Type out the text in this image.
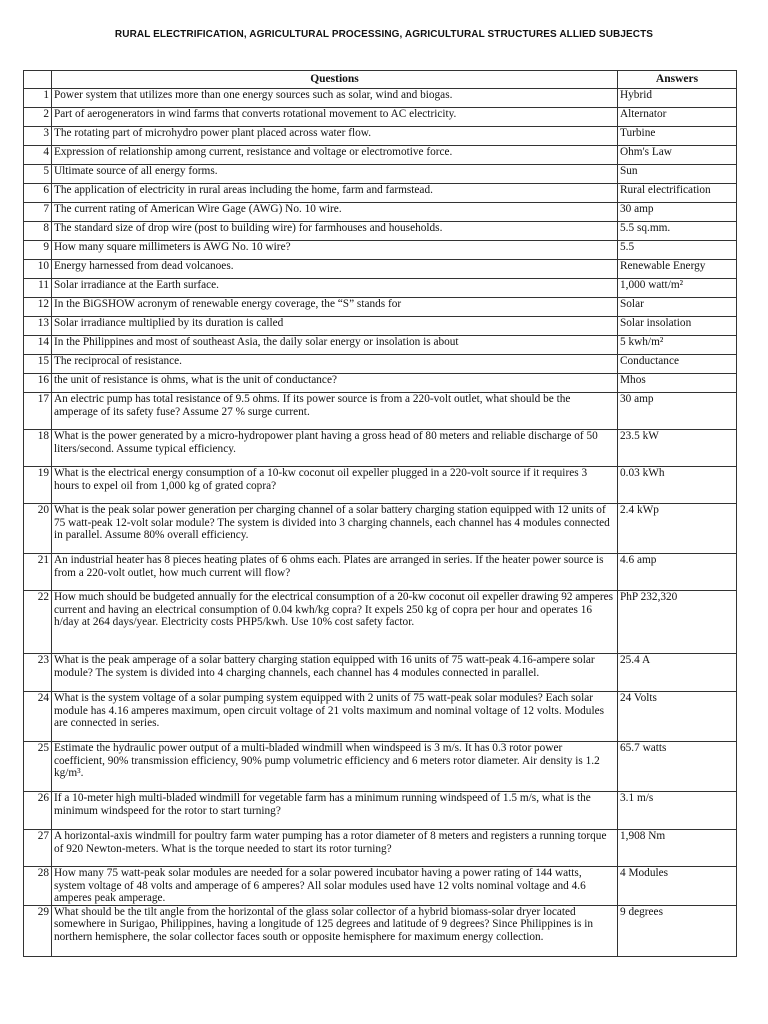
RURAL ELECTRIFICATION, AGRICULTURAL PROCESSING, AGRICULTURAL STRUCTURES ALLIED SUBJECTS
	Questions	Answers
1	Power system that utilizes more than one energy sources such as solar, wind and biogas.	Hybrid
2	Part of aerogenerators in wind farms that converts rotational movement to AC electricity.	Alternator
3	The rotating part of microhydro power plant placed across water flow.	Turbine
4	Expression of relationship among current, resistance and voltage or electromotive force.	Ohm's Law
5	Ultimate source of all energy forms.	Sun
6	The application of electricity in rural areas including the home, farm and farmstead.	Rural electrification
7	The current rating of American Wire Gage (AWG) No. 10 wire.	30 amp
8	The standard size of drop wire (post to building wire) for farmhouses and households.	5.5 sq.mm.
9	How many square millimeters is AWG No. 10 wire?	5.5
10	Energy harnessed from dead volcanoes.	Renewable Energy
11	Solar irradiance at the Earth surface.	1,000 watt/m²
12	In the BiGSHOW acronym of renewable energy coverage, the “S” stands for	Solar
13	Solar irradiance multiplied by its duration is called	Solar insolation
14	In the Philippines and most of southeast Asia, the daily solar energy or insolation is about	5 kwh/m²
15	The reciprocal of resistance.	Conductance
16	the unit of resistance is ohms, what is the unit of conductance?	Mhos
17	An electric pump has total resistance of 9.5 ohms. If its power source is from a 220-volt outlet, what should be the amperage of its safety fuse? Assume 27 % surge current.	30 amp
18	What is the power generated by a micro-hydropower plant having a gross head of 80 meters and reliable discharge of 50 liters/second. Assume typical efficiency.	23.5 kW
19	What is the electrical energy consumption of a 10-kw coconut oil expeller plugged in a 220-volt source if it requires 3 hours to expel oil from 1,000 kg of grated copra?	0.03 kWh
20	What is the peak solar power generation per charging channel of a solar battery charging station equipped with 12 units of 75 watt-peak 12-volt solar module? The system is divided into 3 charging channels, each channel has 4 modules connected in parallel. Assume 80% overall efficiency.	2.4 kWp
21	An industrial heater has 8 pieces heating plates of 6 ohms each. Plates are arranged in series. If the heater power source is from a 220-volt outlet, how much current will flow?	4.6 amp
22	How much should be budgeted annually for the electrical consumption of a 20-kw coconut oil expeller drawing 92 amperes current and having an electrical consumption of 0.04 kwh/kg copra? It expels 250 kg of copra per hour and operates 16 h/day at 264 days/year. Electricity costs PHP5/kwh. Use 10% cost safety factor.	PhP 232,320
23	What is the peak amperage of a solar battery charging station equipped with 16 units of 75 watt-peak 4.16-ampere solar module? The system is divided into 4 charging channels, each channel has 4 modules connected in parallel.	25.4 A
24	What is the system voltage of a solar pumping system equipped with 2 units of 75 watt-peak solar modules? Each solar module has 4.16 amperes maximum, open circuit voltage of 21 volts maximum and nominal voltage of 12 volts. Modules are connected in series.	24 Volts
25	Estimate the hydraulic power output of a multi-bladed windmill when windspeed is 3 m/s. It has 0.3 rotor power coefficient, 90% transmission efficiency, 90% pump volumetric efficiency and 6 meters rotor diameter. Air density is 1.2 kg/m³.	65.7 watts
26	If a 10-meter high multi-bladed windmill for vegetable farm has a minimum running windspeed of 1.5 m/s, what is the minimum windspeed for the rotor to start turning?	3.1 m/s
27	A horizontal-axis windmill for poultry farm water pumping has a rotor diameter of 8 meters and registers a running torque of 920 Newton-meters. What is the torque needed to start its rotor turning?	1,908 Nm
28	How many 75 watt-peak solar modules are needed for a solar powered incubator having a power rating of 144 watts, system voltage of 48 volts and amperage of 6 amperes? All solar modules used have 12 volts nominal voltage and 4.6 amperes peak amperage.	4 Modules
29	What should be the tilt angle from the horizontal of the glass solar collector of a hybrid biomass-solar dryer located somewhere in Surigao, Philippines, having a longitude of 125 degrees and latitude of 9 degrees? Since Philippines is in northern hemisphere, the solar collector faces south or opposite hemisphere for maximum energy collection.	9 degrees
